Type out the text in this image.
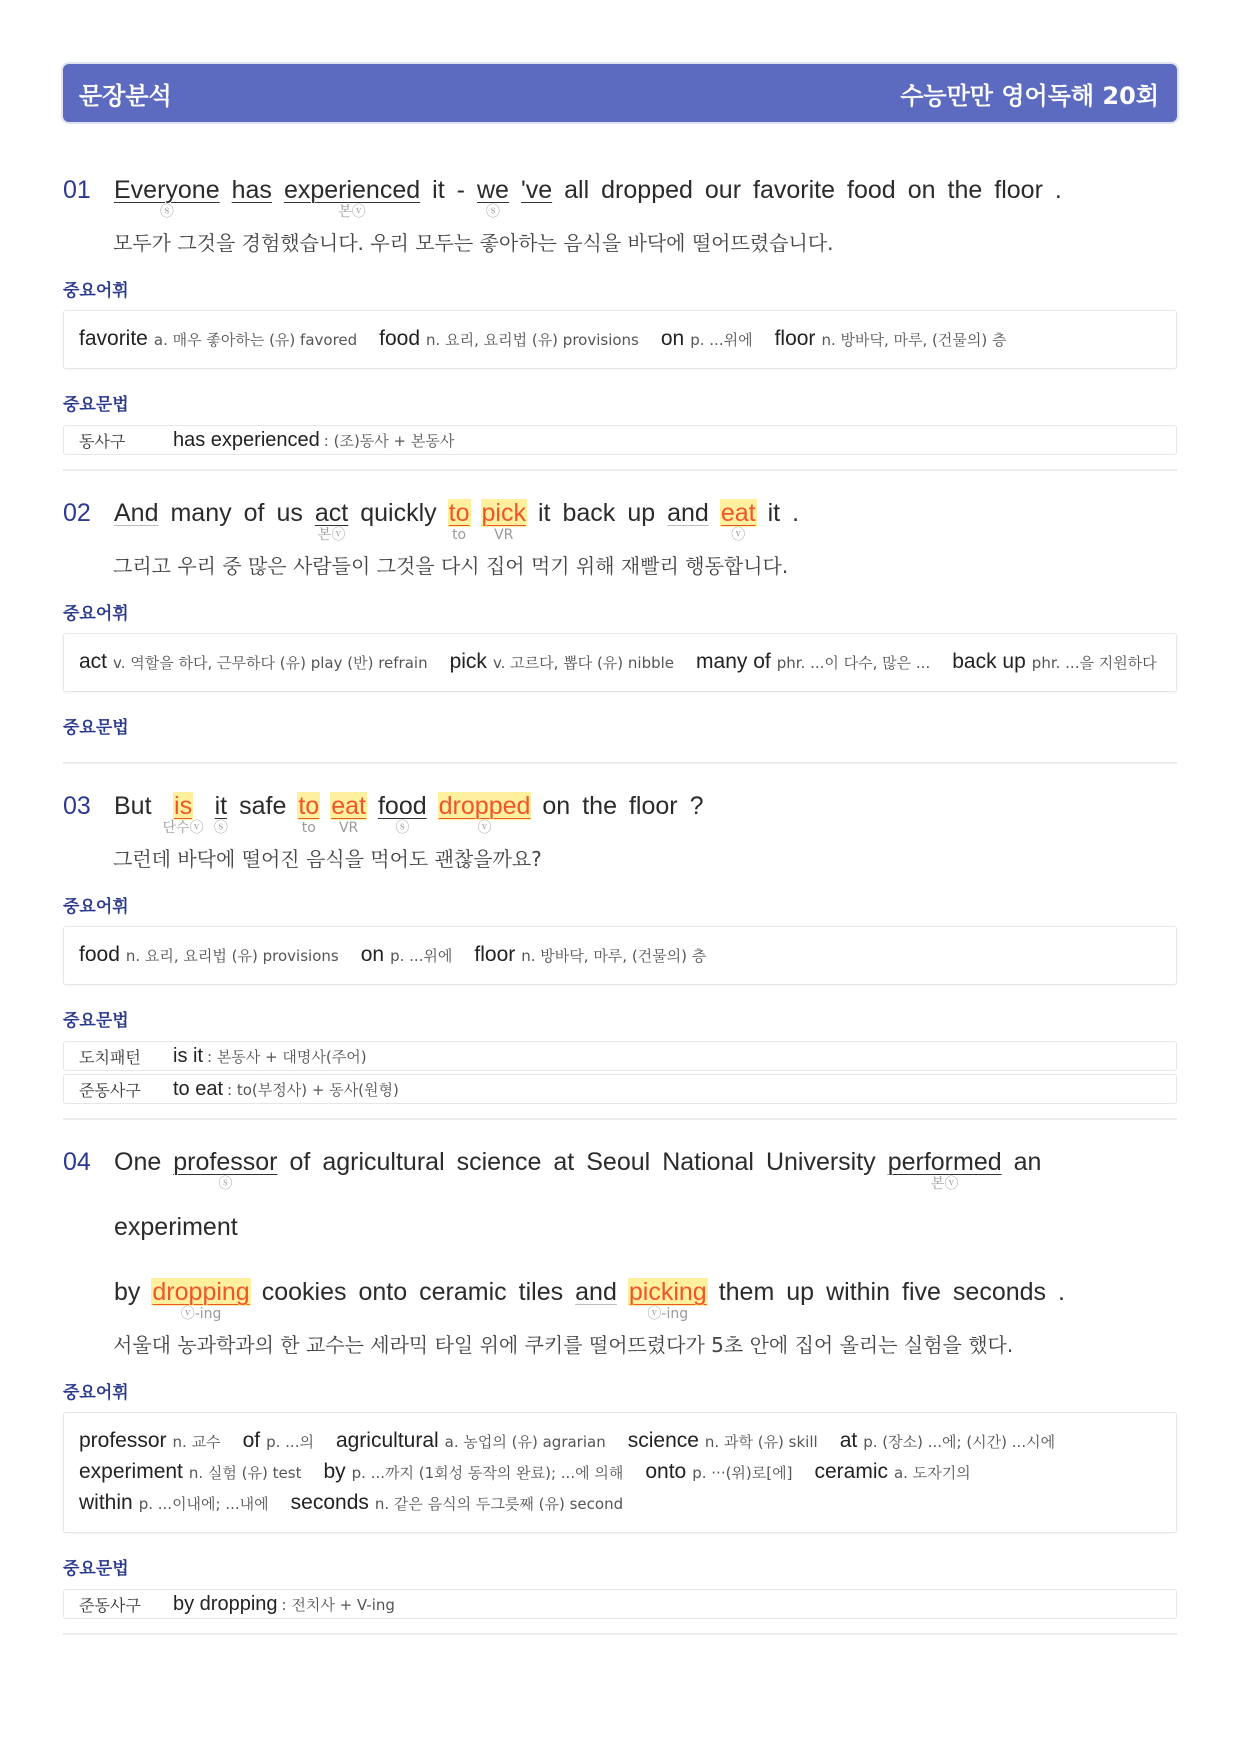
문장분석	수능만만 영어독해 20회
01 Everyone
ⓢ
has experienced
본ⓥ
it - we
ⓢ
've all dropped our favorite food on the floor .
모두가 그것을 경험했습니다. 우리 모두는 좋아하는 음식을 바닥에 떨어뜨렸습니다.
중요어휘
favorite a. 매우 좋아하는 (유) favored food n. 요리, 요리법 (유) provisions on p. ...위에 floor n. 방바닥, 마루, (건물의) 층
중요문법
동사구	has experienced : (조)동사 + 본동사
02 And many of us act
본ⓥ
quickly to
to
pick
VR
it back up and eat
ⓥ
it .
그리고 우리 중 많은 사람들이 그것을 다시 집어 먹기 위해 재빨리 행동합니다.
중요어휘
act v. 역할을 하다, 근무하다 (유) play (반) refrain pick v. 고르다, 뽑다 (유) nibble many of phr. ...이 다수, 많은 ... back up phr. ...을 지원하다
중요문법
03 But is
단수ⓥ
it
ⓢ
safe to
to
eat
VR
food
ⓢ
dropped
ⓥ
on the floor ?
그런데 바닥에 떨어진 음식을 먹어도 괜찮을까요?
중요어휘
food n. 요리, 요리법 (유) provisions on p. ...위에 floor n. 방바닥, 마루, (건물의) 층
중요문법
도치패턴	is it : 본동사 + 대명사(주어)
준동사구	to eat : to(부정사) + 동사(원형)
04 One professor
ⓢ
of agricultural science at Seoul National University performed
본ⓥ
an
experiment
by dropping
ⓥ-ing
cookies onto ceramic tiles and picking
ⓥ-ing
them up within five seconds .
서울대 농과학과의 한 교수는 세라믹 타일 위에 쿠키를 떨어뜨렸다가 5초 안에 집어 올리는 실험을 했다.
중요어휘
professor n. 교수 of p. ...의 agricultural a. 농업의 (유) agrarian science n. 과학 (유) skill at p. (장소) ...에; (시간) ...시에
experiment n. 실험 (유) test by p. ...까지 (1회성 동작의 완료); ...에 의해 onto p. ···(위)로[에] ceramic a. 도자기의
within p. ...이내에; ...내에 seconds n. 같은 음식의 두그릇째 (유) second
중요문법
준동사구	by dropping : 전치사 + V-ing
